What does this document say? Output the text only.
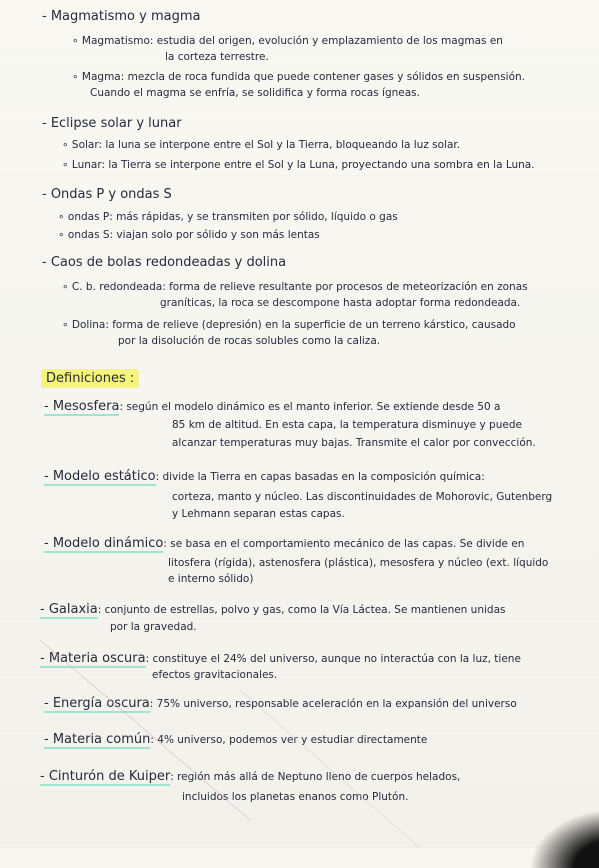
- Magmatismo y magma
∘ Magmatismo: estudia del origen, evolución y emplazamiento de los magmas en
la corteza terrestre.
∘ Magma: mezcla de roca fundida que puede contener gases y sólidos en suspensión.
Cuando el magma se enfría, se solidifica y forma rocas ígneas.
- Eclipse solar y lunar
∘ Solar: la luna se interpone entre el Sol y la Tierra, bloqueando la luz solar.
∘ Lunar: la Tierra se interpone entre el Sol y la Luna, proyectando una sombra en la Luna.
- Ondas P y ondas S
∘ ondas P: más rápidas, y se transmiten por sólido, líquido o gas
∘ ondas S: viajan solo por sólido y son más lentas
- Caos de bolas redondeadas y dolina
∘ C. b. redondeada: forma de relieve resultante por procesos de meteorización en zonas
graníticas, la roca se descompone hasta adoptar forma redondeada.
∘ Dolina: forma de relieve (depresión) en la superficie de un terreno kárstico, causado
por la disolución de rocas solubles como la caliza.
Definiciones :
- Mesosfera: según el modelo dinámico es el manto inferior. Se extiende desde 50 a
85 km de altitud. En esta capa, la temperatura disminuye y puede
alcanzar temperaturas muy bajas. Transmite el calor por convección.
- Modelo estático: divide la Tierra en capas basadas en la composición química:
corteza, manto y núcleo. Las discontinuidades de Mohorovic, Gutenberg
y Lehmann separan estas capas.
- Modelo dinámico: se basa en el comportamiento mecánico de las capas. Se divide en
litosfera (rígida), astenosfera (plástica), mesosfera y núcleo (ext. líquido
e interno sólido)
- Galaxia: conjunto de estrellas, polvo y gas, como la Vía Láctea. Se mantienen unidas
por la gravedad.
- Materia oscura: constituye el 24% del universo, aunque no interactúa con la luz, tiene
efectos gravitacionales.
- Energía oscura: 75% universo, responsable aceleración en la expansión del universo
- Materia común: 4% universo, podemos ver y estudiar directamente
- Cinturón de Kuiper: región más allá de Neptuno lleno de cuerpos helados,
incluidos los planetas enanos como Plutón.
